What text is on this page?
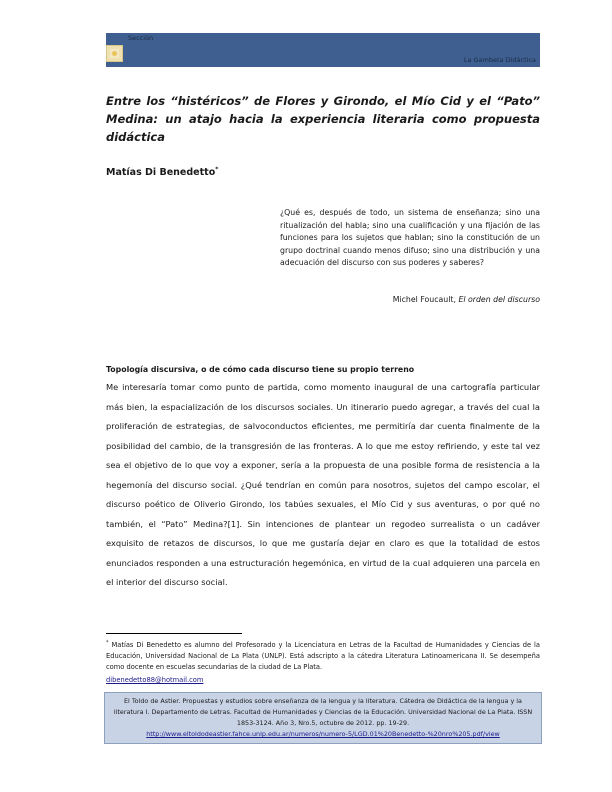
Sección
La Gambeta Didáctica
Entre los “histéricos” de Flores y Girondo, el Mío Cid y el “Pato” Medina: un atajo hacia la experiencia literaria como propuesta didáctica
Matías Di Benedetto*

¿Qué es, después de todo, un sistema de enseñanza; sino una ritualización del habla; sino una cualificación y una fijación de las funciones para los sujetos que hablan; sino la constitución de un grupo doctrinal cuando menos difuso; sino una distribución y una adecuación del discurso con sus poderes y saberes?

Michel Foucault, El orden del discurso
Topología discursiva, o de cómo cada discurso tiene su propio terreno

Me interesaría tomar como punto de partida, como momento inaugural de una cartografía particular más bien, la espacialización de los discursos sociales. Un itinerario puedo agregar, a través del cual la proliferación de estrategias, de salvoconductos eficientes, me permitiría dar cuenta finalmente de la posibilidad del cambio, de la transgresión de las fronteras. A lo que me estoy refiriendo, y este tal vez sea el objetivo de lo que voy a exponer, sería a la propuesta de una posible forma de resistencia a la hegemonía del discurso social. ¿Qué tendrían en común para nosotros, sujetos del campo escolar, el discurso poético de Oliverio Girondo, los tabúes sexuales, el Mío Cid y sus aventuras, o por qué no también, el “Pato” Medina?[1]. Sin intenciones de plantear un regodeo surrealista o un cadáver exquisito de retazos de discursos, lo que me gustaría dejar en claro es que la totalidad de estos enunciados responden a una estructuración hegemónica, en virtud de la cual adquieren una parcela en el interior del discurso social.

* Matías Di Benedetto es alumno del Profesorado y la Licenciatura en Letras de la Facultad de Humanidades y Ciencias de la Educación, Universidad Nacional de La Plata (UNLP). Está adscripto a la cátedra Literatura Latinoamericana II. Se desempeña como docente en escuelas secundarias de la ciudad de La Plata.

dibenedetto88@hotmail.com
El Toldo de Astier. Propuestas y estudios sobre enseñanza de la lengua y la literatura. Cátedra de Didáctica de la lengua y la literatura I. Departamento de Letras. Facultad de Humanidades y Ciencias de la Educación. Universidad Nacional de La Plata. ISSN 1853-3124. Año 3, Nro.5, octubre de 2012. pp. 19-29.
http://www.eltoldodeastier.fahce.unlp.edu.ar/numeros/numero-5/LGD.01%20Benedetto-%20nro%205.pdf/view
